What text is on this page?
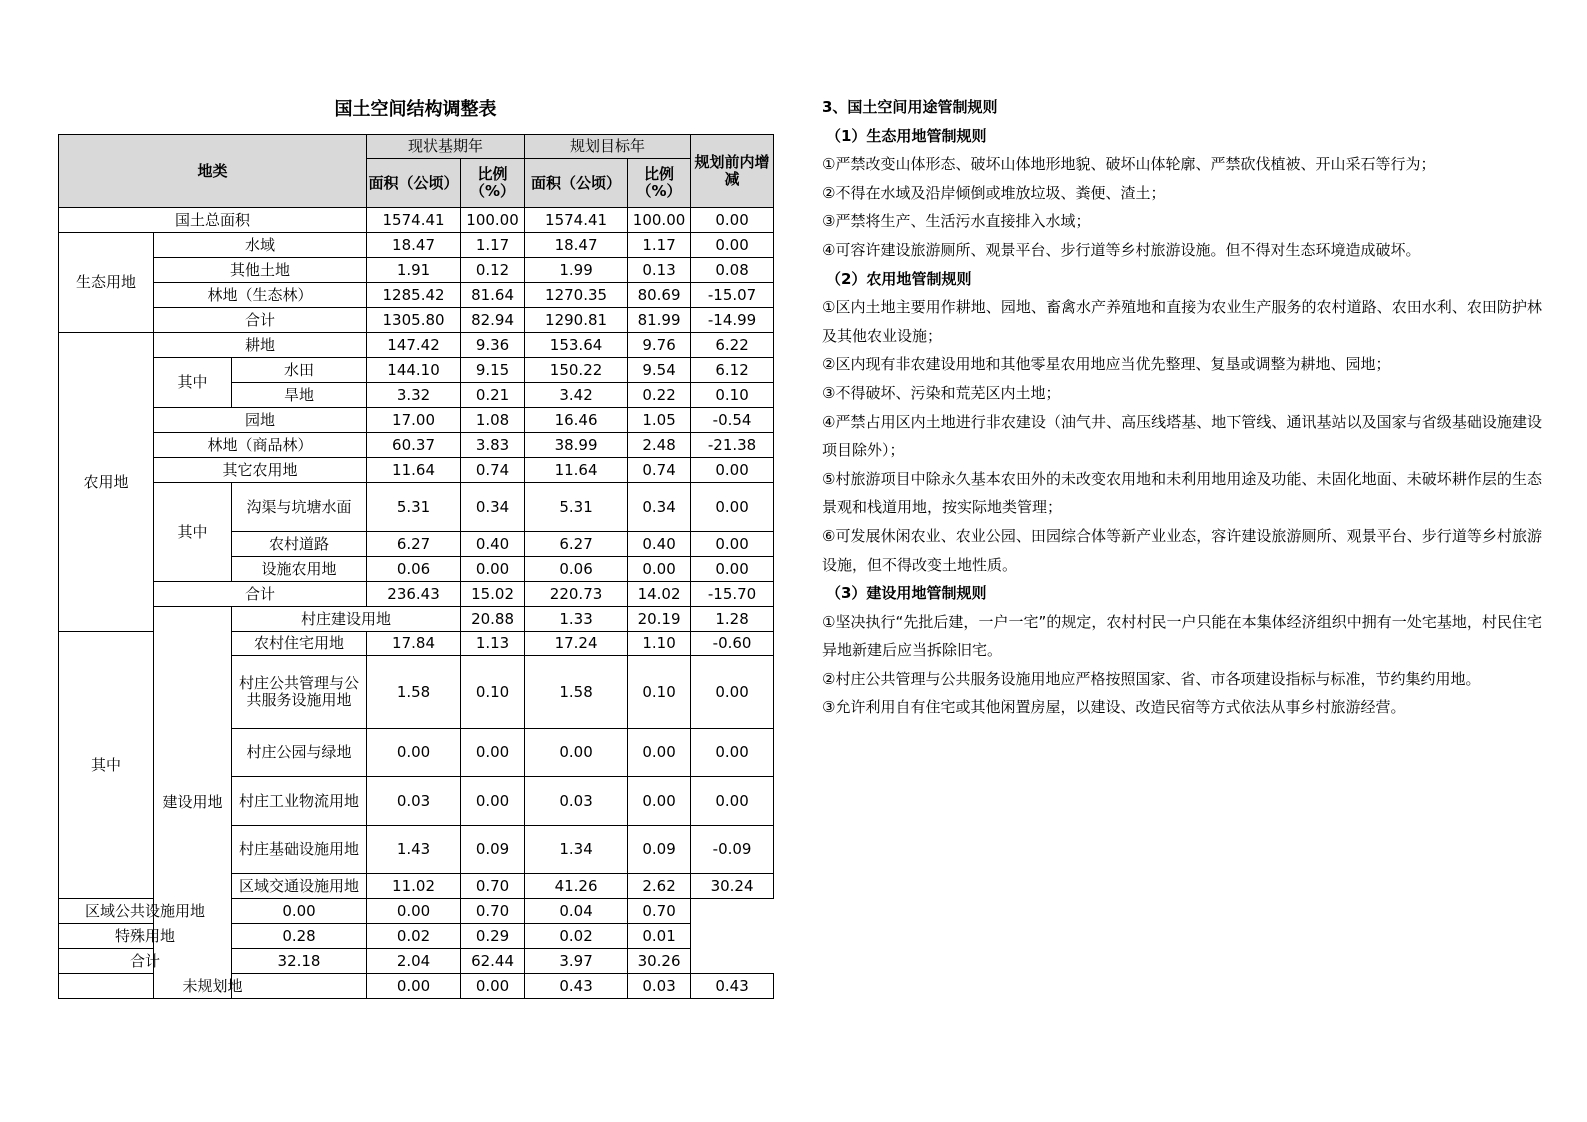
国土空间结构调整表
地类			现状基期年		规划目标年		规划前内增减	
			面积（公顷）	比例（%）	面积（公顷）	比例（%）		
国土总面积			1574.41	100.00	1574.41	100.00	0.00	
生态用地	水域		18.47	1.17	18.47	1.17	0.00	
	其他土地		1.91	0.12	1.99	0.13	0.08	
	林地（生态林）		1285.42	81.64	1270.35	80.69	-15.07	
	合计		1305.80	82.94	1290.81	81.99	-14.99	
农用地	耕地		147.42	9.36	153.64	9.76	6.22	
	其中	水田	144.10	9.15	150.22	9.54	6.12	
		旱地	3.32	0.21	3.42	0.22	0.10	
	园地		17.00	1.08	16.46	1.05	-0.54	
	林地（商品林）		60.37	3.83	38.99	2.48	-21.38	
	其它农用地		11.64	0.74	11.64	0.74	0.00	
	其中	沟渠与坑塘水面	5.31	0.34	5.31	0.34	0.00	
		农村道路	6.27	0.40	6.27	0.40	0.00	
		设施农用地	0.06	0.00	0.06	0.00	0.00	
	合计		236.43	15.02	220.73	14.02	-15.70	
	建设用地	村庄建设用地		20.88	1.33	20.19	1.28	
其中		农村住宅用地	17.84	1.13	17.24	1.10	-0.60	
		村庄公共管理与公共服务设施用地	1.58	0.10	1.58	0.10	0.00	
		村庄公园与绿地	0.00	0.00	0.00	0.00	0.00	
		村庄工业物流用地	0.03	0.00	0.03	0.00	0.00	
		村庄基础设施用地	1.43	0.09	1.34	0.09	-0.09	
		区域交通设施用地	11.02	0.70	41.26	2.62	30.24	
区域公共设施用地		0.00	0.00	0.70	0.04	0.70		
特殊用地		0.28	0.02	0.29	0.02	0.01		
合计		32.18	2.04	62.44	3.97	30.26		
未规划地			0.00	0.00	0.43	0.03	0.43	
3、国土空间用途管制规则
（1）生态用地管制规则
①严禁改变山体形态、破坏山体地形地貌、破坏山体轮廓、严禁砍伐植被、开山采石等行为；
②不得在水域及沿岸倾倒或堆放垃圾、粪便、渣土；
③严禁将生产、生活污水直接排入水域；
④可容许建设旅游厕所、观景平台、步行道等乡村旅游设施。但不得对生态环境造成破坏。
（2）农用地管制规则
①区内土地主要用作耕地、园地、畜禽水产养殖地和直接为农业生产服务的农村道路、农田水利、农田防护林及其他农业设施；
②区内现有非农建设用地和其他零星农用地应当优先整理、复垦或调整为耕地、园地；
③不得破坏、污染和荒芜区内土地；
④严禁占用区内土地进行非农建设（油气井、高压线塔基、地下管线、通讯基站以及国家与省级基础设施建设项目除外）；
⑤村旅游项目中除永久基本农田外的未改变农用地和未利用地用途及功能、未固化地面、未破坏耕作层的生态景观和栈道用地，按实际地类管理；
⑥可发展休闲农业、农业公园、田园综合体等新产业业态，容许建设旅游厕所、观景平台、步行道等乡村旅游设施，但不得改变土地性质。
（3）建设用地管制规则
①坚决执行“先批后建，一户一宅”的规定，农村村民一户只能在本集体经济组织中拥有一处宅基地，村民住宅异地新建后应当拆除旧宅。
②村庄公共管理与公共服务设施用地应严格按照国家、省、市各项建设指标与标准，节约集约用地。
③允许利用自有住宅或其他闲置房屋，以建设、改造民宿等方式依法从事乡村旅游经营。
